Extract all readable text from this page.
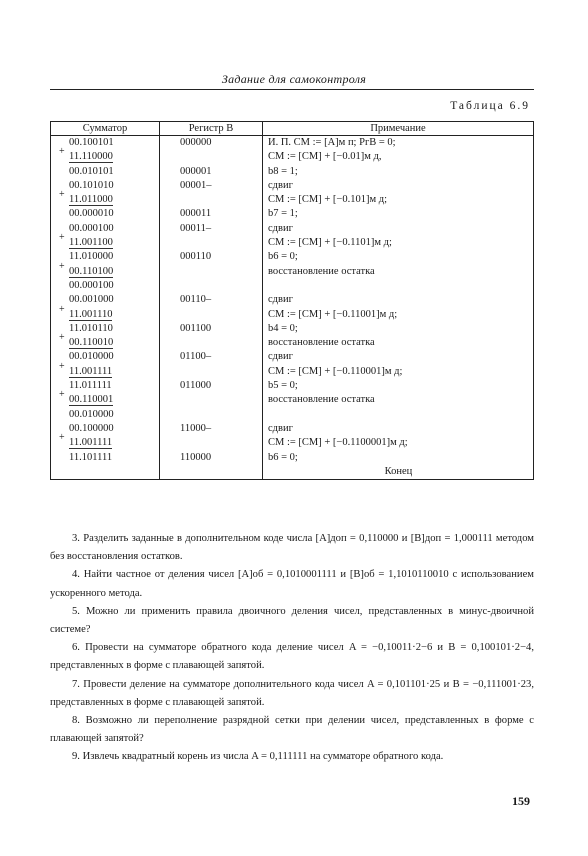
Задание для самоконтроля
Таблица 6.9
Сумматор	Регистр B	Примечание
00.100101	000000	И. П. СМ := [A]м п; PгB = 0;

+ 11.110000		СМ := [СМ] + [−0.01]м д,
00.010101	000001	b8 = 1;
00.101010	00001–	сдвиг

+ 11.011000		СМ := [СМ] + [−0.101]м д;
00.000010	000011	b7 = 1;
00.000100	00011–	сдвиг

+ 11.001100		СМ := [СМ] + [−0.1101]м д;
11.010000	000110	b6 = 0;

+ 00.110100		восстановление остатка
00.000100		
00.001000	00110–	сдвиг

+ 11.001110		СМ := [СМ] + [−0.11001]м д;
11.010110	001100	b4 = 0;

+ 00.110010		восстановление остатка
00.010000	01100–	сдвиг

+ 11.001111		СМ := [СМ] + [−0.110001]м д;
11.011111	011000	b5 = 0;

+ 00.110001		восстановление остатка
00.010000		
00.100000	11000–	сдвиг

+ 11.001111		СМ := [СМ] + [−0.1100001]м д;
11.101111	110000	b6 = 0;
		Конец

3. Разделить заданные в дополнительном коде числа [A]доп = 0,110000 и [B]доп = 1,000111 методом без восстановления остатков.

4. Найти частное от деления чисел [A]об = 0,1010001111 и [B]об = 1,1010110010 с использованием ускоренного метода.

5. Можно ли применить правила двоичного деления чисел, представленных в минус-двоичной системе?

6. Провести на сумматоре обратного кода деление чисел A = −0,10011·2−6 и B = 0,100101·2−4, представленных в форме с плавающей запятой.

7. Провести деление на сумматоре дополнительного кода чисел A = 0,101101·25 и B = −0,111001·23, представленных в форме с плавающей запятой.

8. Возможно ли переполнение разрядной сетки при делении чисел, представленных в форме с плавающей запятой?

9. Извлечь квадратный корень из числа A = 0,111111 на сумматоре обратного кода.

159
